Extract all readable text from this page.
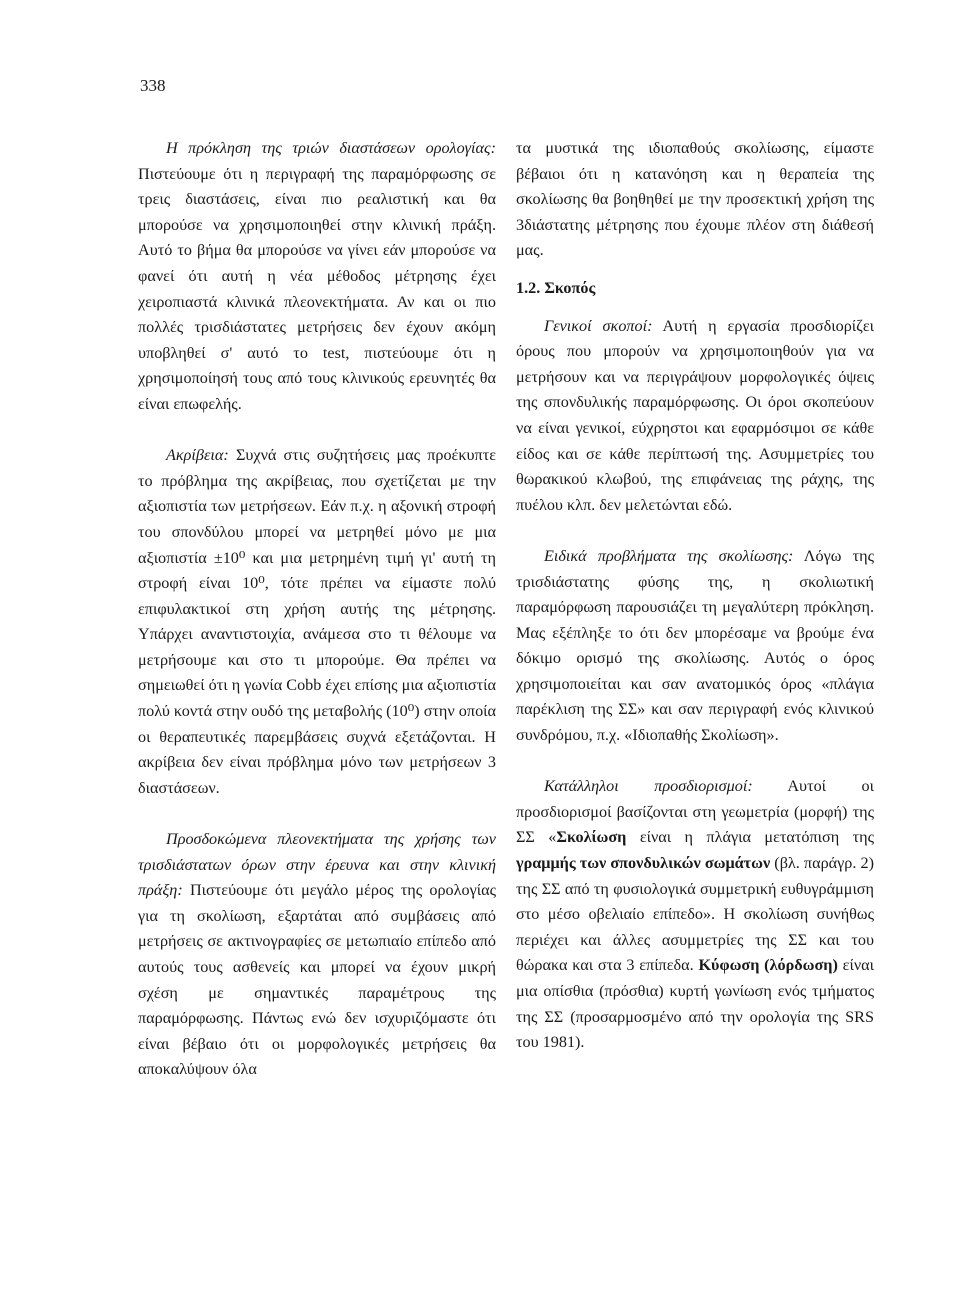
338

Η πρόκληση της τριών διαστάσεων ορολογίας: Πιστεύουμε ότι η περιγραφή της παραμόρφωσης σε τρεις διαστάσεις, είναι πιο ρεαλιστική και θα μπορούσε να χρησιμοποιηθεί στην κλινική πράξη. Αυτό το βήμα θα μπορούσε να γίνει εάν μπορούσε να φανεί ότι αυτή η νέα μέθοδος μέτρησης έχει χειροπιαστά κλινικά πλεονεκτήματα. Αν και οι πιο πολλές τρισδιάστατες μετρήσεις δεν έχουν ακόμη υποβληθεί σ' αυτό το test, πιστεύουμε ότι η χρησιμοποίησή τους από τους κλινικούς ερευνητές θα είναι επωφελής.

Ακρίβεια: Συχνά στις συζητήσεις μας προέκυπτε το πρόβλημα της ακρίβειας, που σχετίζεται με την αξιοπιστία των μετρήσεων. Εάν π.χ. η αξονική στροφή του σπονδύλου μπορεί να μετρηθεί μόνο με μια αξιοπιστία ±10⁰ και μια μετρημένη τιμή γι' αυτή τη στροφή είναι 10⁰, τότε πρέπει να είμαστε πολύ επιφυλακτικοί στη χρήση αυτής της μέτρησης. Υπάρχει αναντιστοιχία, ανάμεσα στο τι θέλουμε να μετρήσουμε και στο τι μπορούμε. Θα πρέπει να σημειωθεί ότι η γωνία Cobb έχει επίσης μια αξιοπιστία πολύ κοντά στην ουδό της μεταβολής (10⁰) στην οποία οι θεραπευτικές παρεμβάσεις συχνά εξετάζονται. Η ακρίβεια δεν είναι πρόβλημα μόνο των μετρήσεων 3 διαστάσεων.

Προσδοκώμενα πλεονεκτήματα της χρήσης των τρισδιάστατων όρων στην έρευνα και στην κλινική πράξη: Πιστεύουμε ότι μεγάλο μέρος της ορολογίας για τη σκολίωση, εξαρτάται από συμβάσεις από μετρήσεις σε ακτινογραφίες σε μετωπιαίο επίπεδο από αυτούς τους ασθενείς και μπορεί να έχουν μικρή σχέση με σημαντικές παραμέτρους της παραμόρφωσης. Πάντως ενώ δεν ισχυριζόμαστε ότι είναι βέβαιο ότι οι μορφολογικές μετρήσεις θα αποκαλύψουν όλα

τα μυστικά της ιδιοπαθούς σκολίωσης, είμαστε βέβαιοι ότι η κατανόηση και η θεραπεία της σκολίωσης θα βοηθηθεί με την προσεκτική χρήση της 3διάστατης μέτρησης που έχουμε πλέον στη διάθεσή μας.

1.2. Σκοπός

Γενικοί σκοποί: Αυτή η εργασία προσδιορίζει όρους που μπορούν να χρησιμοποιηθούν για να μετρήσουν και να περιγράψουν μορφολογικές όψεις της σπονδυλικής παραμόρφωσης. Οι όροι σκοπεύουν να είναι γενικοί, εύχρηστοι και εφαρμόσιμοι σε κάθε είδος και σε κάθε περίπτωσή της. Ασυμμετρίες του θωρακικού κλωβού, της επιφάνειας της ράχης, της πυέλου κλπ. δεν μελετώνται εδώ.

Ειδικά προβλήματα της σκολίωσης: Λόγω της τρισδιάστατης φύσης της, η σκολιωτική παραμόρφωση παρουσιάζει τη μεγαλύτερη πρόκληση. Μας εξέπληξε το ότι δεν μπορέσαμε να βρούμε ένα δόκιμο ορισμό της σκολίωσης. Αυτός ο όρος χρησιμοποιείται και σαν ανατομικός όρος «πλάγια παρέκλιση της ΣΣ» και σαν περιγραφή ενός κλινικού συνδρόμου, π.χ. «Ιδιοπαθής Σκολίωση».

Κατάλληλοι προσδιορισμοί: Αυτοί οι προσδιορισμοί βασίζονται στη γεωμετρία (μορφή) της ΣΣ «Σκολίωση είναι η πλάγια μετατόπιση της γραμμής των σπονδυλικών σωμάτων (βλ. παράγρ. 2) της ΣΣ από τη φυσιολογικά συμμετρική ευθυγράμμιση στο μέσο οβελιαίο επίπεδο». Η σκολίωση συνήθως περιέχει και άλλες ασυμμετρίες της ΣΣ και του θώρακα και στα 3 επίπεδα. Κύφωση (λόρδωση) είναι μια οπίσθια (πρόσθια) κυρτή γωνίωση ενός τμήματος της ΣΣ (προσαρμοσμένο από την ορολογία της SRS του 1981).
